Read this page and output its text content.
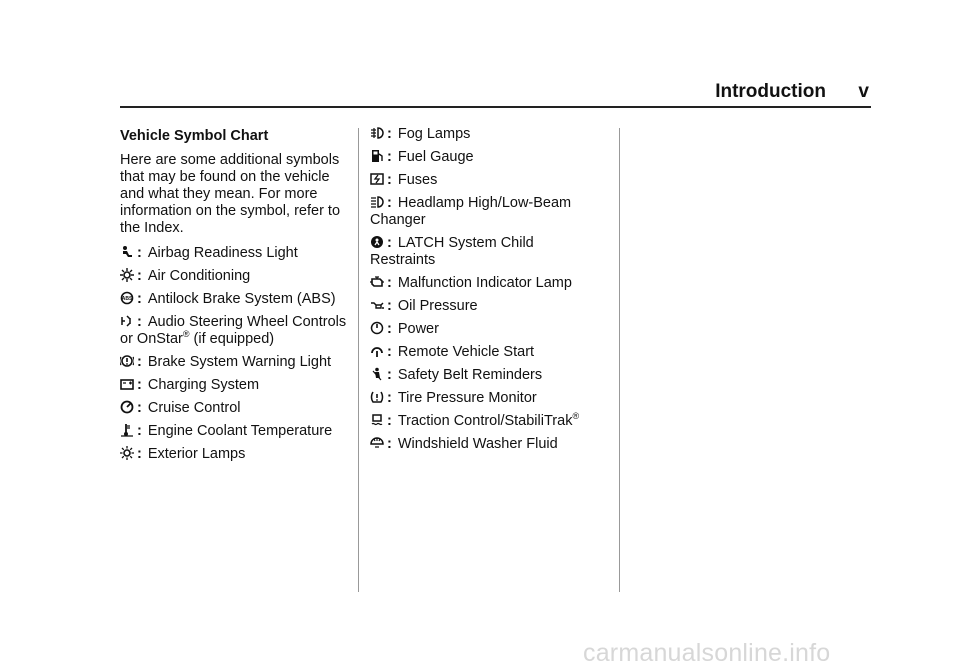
Introduction v
Vehicle Symbol Chart
Here are some additional symbols that may be found on the vehicle and what they mean. For more information on the symbol, refer to the Index.
: Airbag Readiness Light
: Air Conditioning
ABS : Antilock Brake System (ABS)
: Audio Steering Wheel Controls or OnStar® (if equipped)
: Brake System Warning Light
: Charging System
: Cruise Control
: Engine Coolant Temperature
: Exterior Lamps
: Fog Lamps
: Fuel Gauge
: Fuses
: Headlamp High/Low-Beam Changer
: LATCH System Child Restraints
: Malfunction Indicator Lamp
: Oil Pressure
: Power
: Remote Vehicle Start
: Safety Belt Reminders
: Tire Pressure Monitor
: Traction Control/StabiliTrak®
: Windshield Washer Fluid
carmanualsonline.info
